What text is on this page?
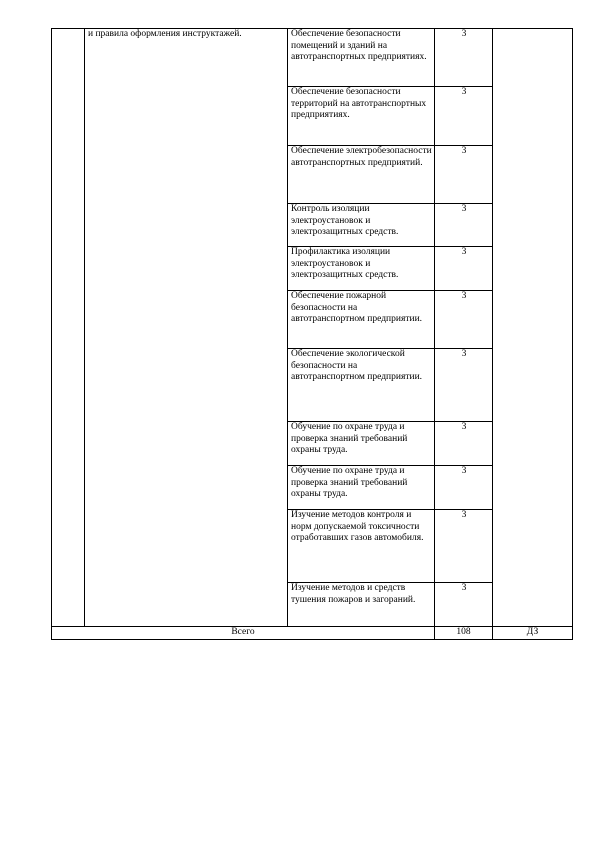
	и правила оформления инструктажей.	Обеспечение безопасности помещений и зданий на автотранспортных предприятиях.	3	
		Обеспечение безопасности территорий на автотранспортных предприятиях.	3	
		Обеспечение электробезопасности автотранспортных предприятий.	3	
		Контроль изоляции электроустановок и электрозащитных средств.	3	
		Профилактика изоляции электроустановок и электрозащитных средств.	3	
		Обеспечение пожарной безопасности на автотранспортном предприятии.	3	
		Обеспечение экологической безопасности на автотранспортном предприятии.	3	
		Обучение по охране труда и проверка знаний требований охраны труда.	3	
		Обучение по охране труда и проверка знаний требований охраны труда.	3	
		Изучение методов контроля и норм допускаемой токсичности отработавших газов автомобиля.	3	
		Изучение методов и средств тушения пожаров и загораний.	3	
Всего			108	ДЗ
